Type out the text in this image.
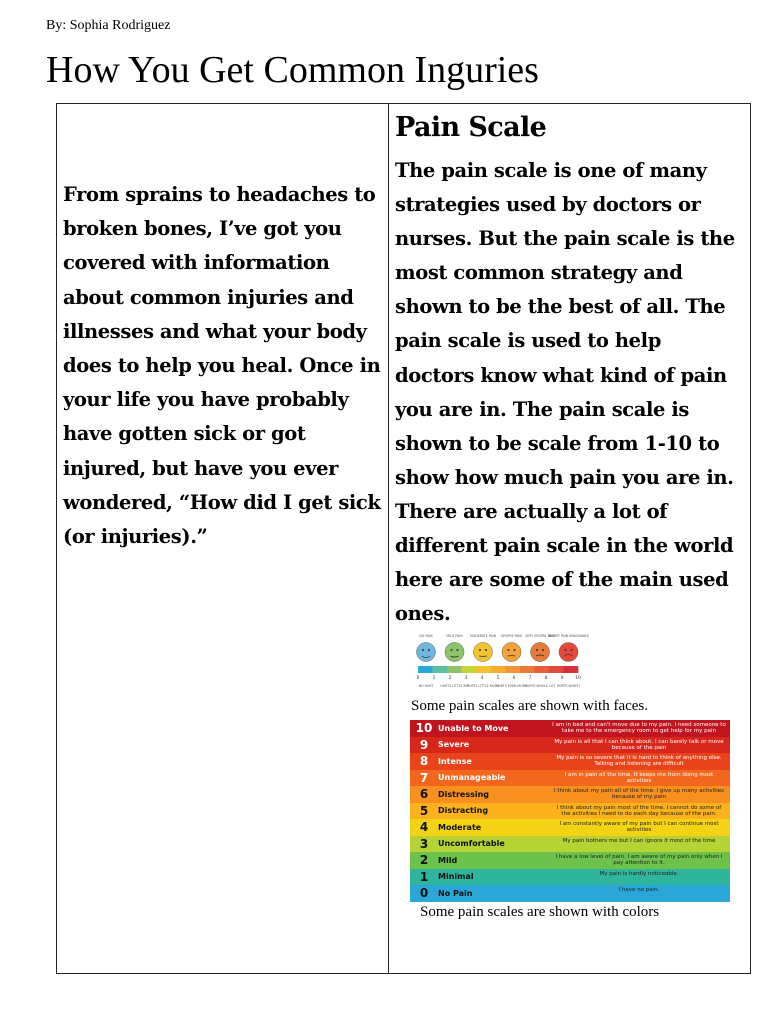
By: Sophia Rodriguez
How You Get Common Ingurіes
From sprains to headaches to broken bones, I’ve got you covered with information about common injuries and illnesses and what your body does to help you heal. Once in your life you have probably have gotten sick or got injured, but have you ever wondered, “How did I get sick (or injuries).”
Pain Scale
The pain scale is one of many strategies used by doctors or nurses. But the pain scale is the most common strategy and shown to be the best of all. The pain scale is used to help doctors know what kind of pain you are in. The pain scale is shown to be scale from 1-10 to show how much pain you are in. There are actually a lot of different pain scale in the world here are some of the main used ones.
NO PAIN	MILD PAIN MODERATE PAIN SEVERE PAIN VERY SEVERE PAIN
WORST PAIN IMAGINABLE
0	1	2	3	4	5	6	7	8	9	10
NO HURT HURTS LITTLE BIT
HURTS LITTLE MORE
HURTS EVEN MORE
HURTS WHOLE LOT HURTS WORST
Some pain scales are shown with faces.
10 Unable to Move	I am in bed and can't move due to my pain. I need someone to take me to the emergency room to get help for my pain
9	Severe	My pain is all that I can think about. I can barely talk or move because of the pain
8	Intense	My pain is so severe that it is hard to think of anything else. Talking and listening are difficult
7	Unmanageable	I am in pain all the time. It keeps me from doing most activities
6	Distressing	I think about my pain all of the time. I give up many activities because of my pain
5	Distracting	I think about my pain most of the time. I cannot do some of the activities I need to do each day because of the pain.
4	Moderate	I am constantly aware of my pain but I can continue most activities
3	Uncomfortable	My pain bothers me but I can ignore it most of the time
2	Mild	I have a low level of pain. I am aware of my pain only when I pay attention to it.
1	Minimal	My pain is hardly noticeable.
0	No Pain	I have no pain.
Some pain scales are shown with colors
